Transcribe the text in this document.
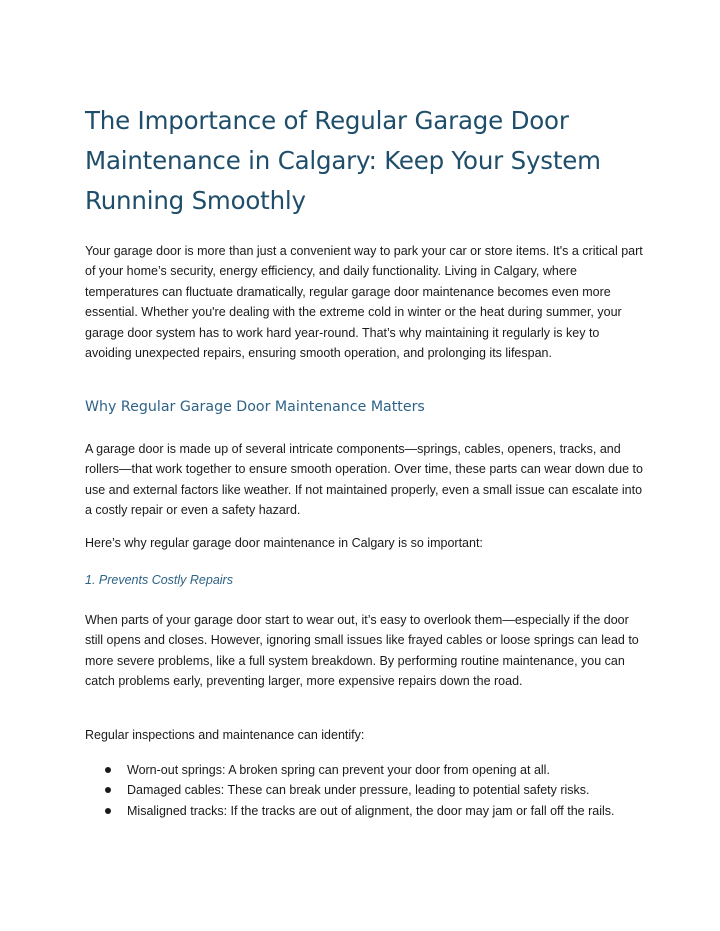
The Importance of Regular Garage Door Maintenance in Calgary: Keep Your System Running Smoothly

Your garage door is more than just a convenient way to park your car or store items. It's a critical part of your home’s security, energy efficiency, and daily functionality. Living in Calgary, where temperatures can fluctuate dramatically, regular garage door maintenance becomes even more essential. Whether you're dealing with the extreme cold in winter or the heat during summer, your garage door system has to work hard year-round. That’s why maintaining it regularly is key to avoiding unexpected repairs, ensuring smooth operation, and prolonging its lifespan.

Why Regular Garage Door Maintenance Matters

A garage door is made up of several intricate components—springs, cables, openers, tracks, and rollers—that work together to ensure smooth operation. Over time, these parts can wear down due to use and external factors like weather. If not maintained properly, even a small issue can escalate into a costly repair or even a safety hazard.

Here’s why regular garage door maintenance in Calgary is so important:

1. Prevents Costly Repairs

When parts of your garage door start to wear out, it’s easy to overlook them—especially if the door still opens and closes. However, ignoring small issues like frayed cables or loose springs can lead to more severe problems, like a full system breakdown. By performing routine maintenance, you can catch problems early, preventing larger, more expensive repairs down the road.

Regular inspections and maintenance can identify:

Worn-out springs: A broken spring can prevent your door from opening at all.
Damaged cables: These can break under pressure, leading to potential safety risks.
Misaligned tracks: If the tracks are out of alignment, the door may jam or fall off the rails.
